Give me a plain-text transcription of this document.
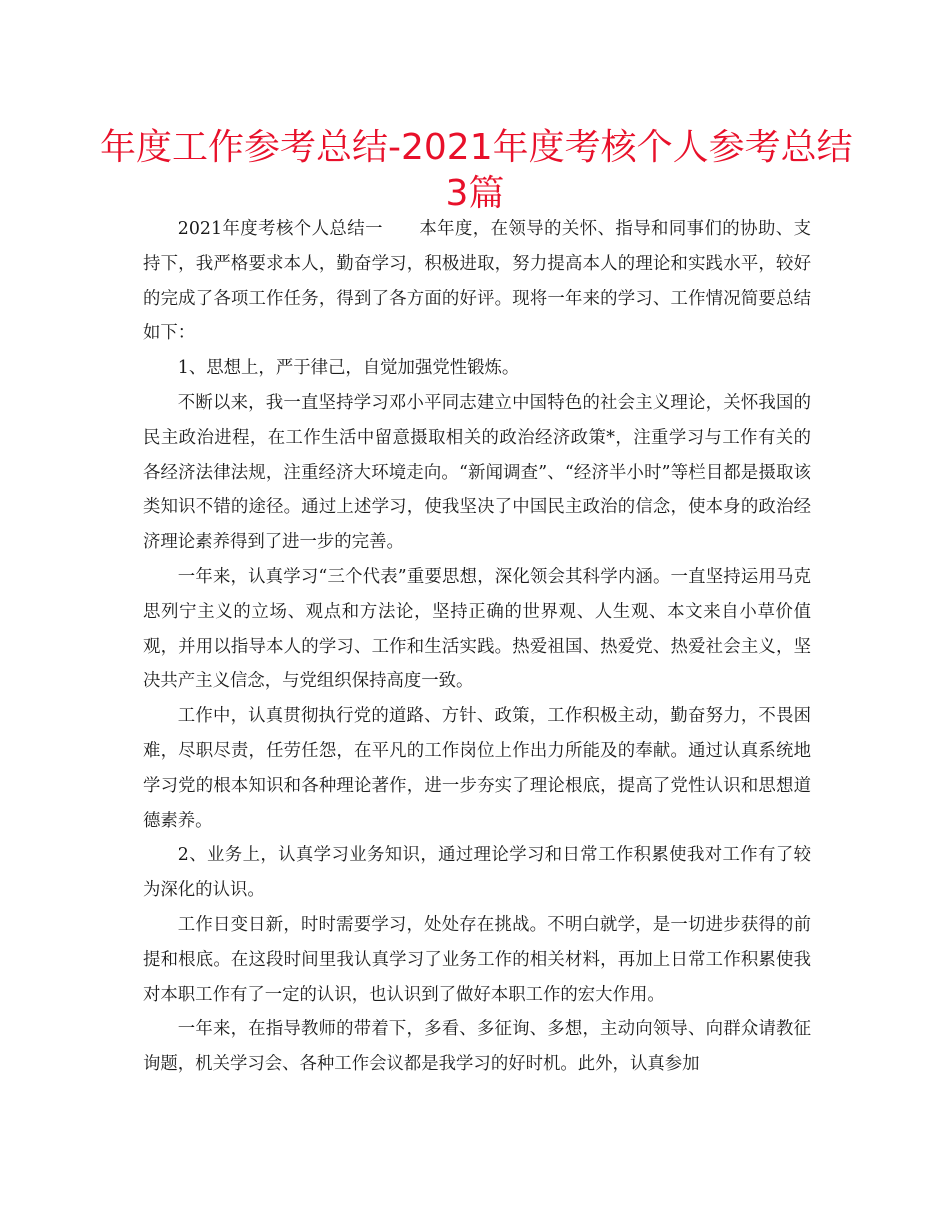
年度工作参考总结-2021年度考核个人参考总结
3篇

2021年度考核个人总结一 本年度，在领导的关怀、指导和同事们的协助、支持下，我严格要求本人，勤奋学习，积极进取，努力提高本人的理论和实践水平，较好的完成了各项工作任务，得到了各方面的好评。现将一年来的学习、工作情况简要总结如下：

1、思想上，严于律己，自觉加强党性锻炼。

不断以来，我一直坚持学习邓小平同志建立中国特色的社会主义理论，关怀我国的民主政治进程，在工作生活中留意摄取相关的政治经济政策*，注重学习与工作有关的各经济法律法规，注重经济大环境走向。“新闻调查”、“经济半小时”等栏目都是摄取该类知识不错的途径。通过上述学习，使我坚决了中国民主政治的信念，使本身的政治经济理论素养得到了进一步的完善。

一年来，认真学习“三个代表”重要思想，深化领会其科学内涵。一直坚持运用马克思列宁主义的立场、观点和方法论，坚持正确的世界观、人生观、本文来自小草价值观，并用以指导本人的学习、工作和生活实践。热爱祖国、热爱党、热爱社会主义，坚决共产主义信念，与党组织保持高度一致。

工作中，认真贯彻执行党的道路、方针、政策，工作积极主动，勤奋努力，不畏困难，尽职尽责，任劳任怨，在平凡的工作岗位上作出力所能及的奉献。通过认真系统地学习党的根本知识和各种理论著作，进一步夯实了理论根底，提高了党性认识和思想道德素养。

2、业务上，认真学习业务知识，通过理论学习和日常工作积累使我对工作有了较为深化的认识。

工作日变日新，时时需要学习，处处存在挑战。不明白就学，是一切进步获得的前提和根底。在这段时间里我认真学习了业务工作的相关材料，再加上日常工作积累使我对本职工作有了一定的认识，也认识到了做好本职工作的宏大作用。

一年来，在指导教师的带着下，多看、多征询、多想，主动向领导、向群众请教征询题，机关学习会、各种工作会议都是我学习的好时机。此外，认真参加
